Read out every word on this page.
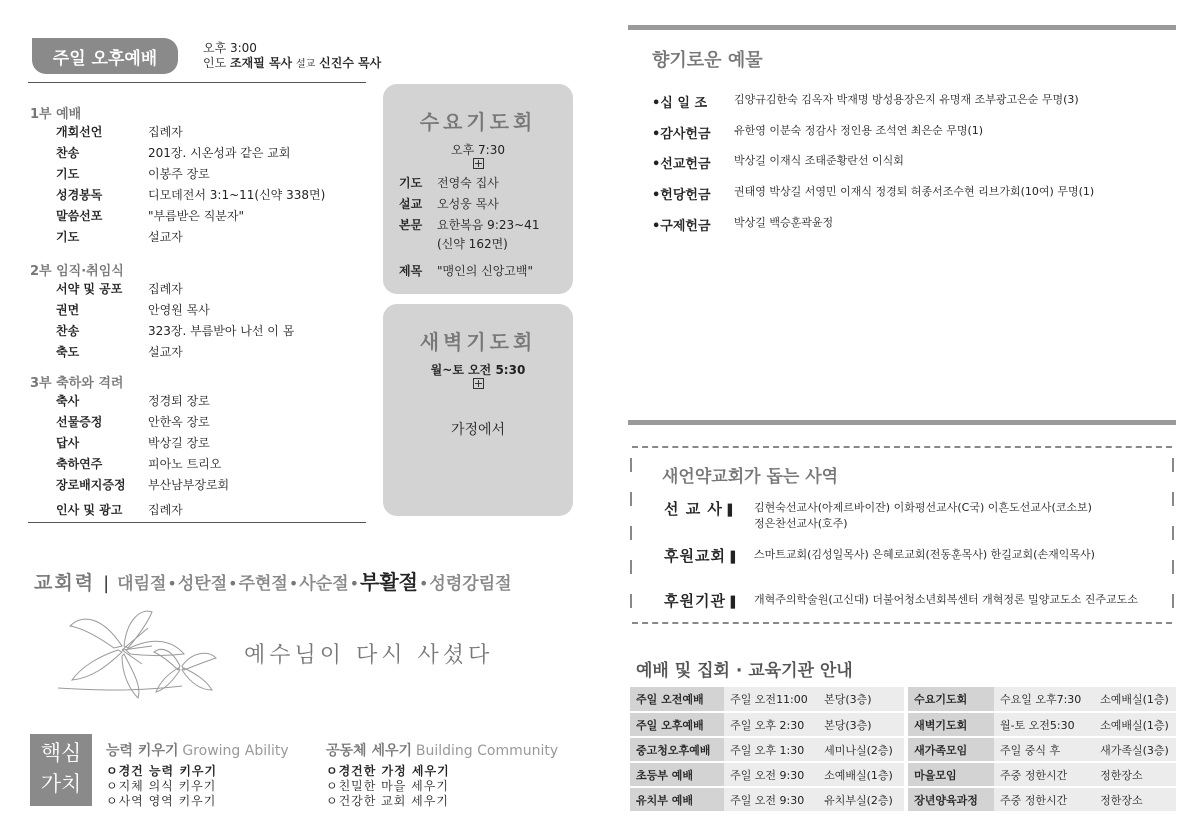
주일 오후예배
오후 3:00
인도 조재필 목사 설교 신진수 목사
1부 예배
개회선언	집례자
찬송	201장. 시온성과 같은 교회
기도	이봉주 장로
성경봉독	디모데전서 3:1~11(신약 338면)
말씀선포	"부름받은 직분자"
기도	설교자
2부 임직·취임식
서약 및 공포	집례자
권면	안영원 목사
찬송	323장. 부름받아 나선 이 몸
축도	설교자
3부 축하와 격려
축사	정경퇴 장로
선물증정	안한옥 장로
답사	박상길 장로
축하연주	피아노 트리오
장로배지증정	부산남부장로회
인사 및 광고	집례자
수요기도회
오후 7:30
기도	전영숙 집사
설교	오성웅 목사
본문	요한복음 9:23~41
(신약 162면)
제목	"맹인의 신앙고백"
새벽기도회
월~토 오전 5:30
가정에서
교회력 | 대림절•성탄절•주현절•사순절•부활절•성령강림절
예수님이 다시 사셨다
핵심
가치
능력 키우기 Growing Ability
ㅇ경건 능력 키우기
ㅇ지체 의식 키우기
ㅇ사역 영역 키우기
공동체 세우기 Building Community
ㅇ경건한 가정 세우기
ㅇ친밀한 마을 세우기
ㅇ건강한 교회 세우기
향기로운 예물
•십 일 조	김양규김한숙 김옥자 박재명 방성용장은지 유명재 조부광고은순 무명(3)
•감사헌금	유한영 이분숙 정감사 정인용 조석연 최은순 무명(1)
•선교헌금	박상길 이재식 조태준황란선 이식회
•헌당헌금	권태영 박상길 서영민 이재식 정경퇴 허종서조수현 리브가회(10여) 무명(1)
•구제헌금	박상길 백승훈곽윤정
새언약교회가 돕는 사역
선 교 사 ▌	김현숙선교사(아제르바이잔) 이화평선교사(C국) 이흔도선교사(코소보)
정은찬선교사(호주)
후원교회 ▌	스마트교회(김성일목사) 은혜로교회(전동훈목사) 한길교회(손재익목사)
후원기관 ▌	개혁주의학술원(고신대) 더불어청소년회복센터 개혁정론 밀양교도소 진주교도소
예배 및 집회 · 교육기관 안내
주일 오전예배	주일 오전11:00	본당(3층)		수요기도회	수요일 오후7:30	소예배실(1층)
주일 오후예배	주일 오후 2:30	본당(3층)		새벽기도회	월-토 오전5:30	소예배실(1층)
중고청오후예배	주일 오후 1:30	세미나실(2층)		새가족모임	주일 중식 후	새가족실(3층)
초등부 예배	주일 오전 9:30	소예배실(1층)		마을모임	주중 정한시간	정한장소
유치부 예배	주일 오전 9:30	유치부실(2층)		장년양육과정	주중 정한시간	정한장소
